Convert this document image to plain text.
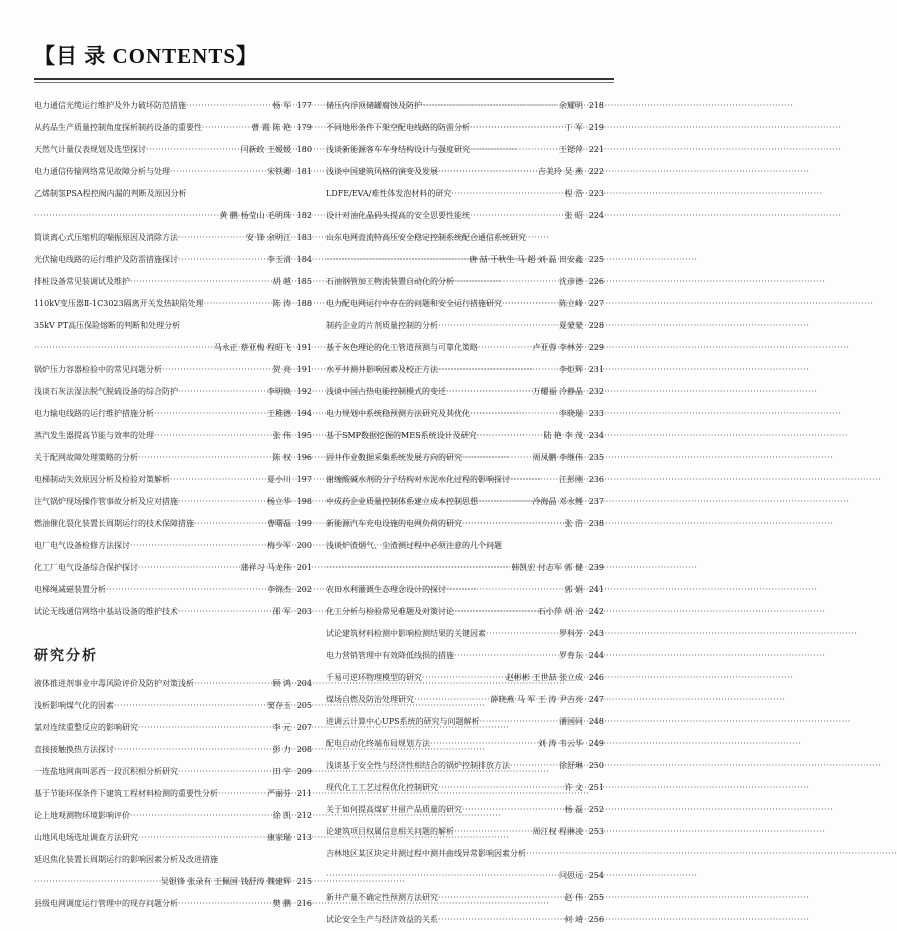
【目 录 CONTENTS】
电力通信光缆运行维护及外力破坏防范措施 ·····	杨 军 177
从药品生产质量控制角度探析制药设备的重要性 ·····	曹 霞 陈 艳 179
天然气计量仪表规划及选型探讨 ·····	闫新政 王嫒媛 180
电力通信传输网络常见故障分析与处理 ·····	宋铁卿 181
乙烯制氢PSA程控阀内漏的判断及原因分析
·····
黄 鹏 杨莹山 毛明珠 182
简谈离心式压缩机的喘振原因及消除方法 ·····	安 锋 余明江 183
光伏输电线路的运行维护及防雷措施探讨 ·····	李玉清 184
排桩设备常见装调试及维护 ·····	胡 越 185
110kV变压器Ⅱ-1C3023隔离开关发热缺陷处理 ·····	陈 涛 188
35kV PT高压保险熔断的判断和处理分析
·····
马永正 蔡亚梅 程昭飞 191
锅炉压力容器检验中的常见问题分析 ·····	贺 亮 191
浅谈石灰法湿法脱气脱硫设备的综合防护 ·····	李明焕 192
电力输电线路的运行维护措施分析 ·····	王稚德 194
蒸汽发生器提高节能与效率的处理 ·····	张 伟 195
关于配网故障处理策略的分析 ·····	陈 权 196
电梯制动失效原因分析及检验对策解析 ·····	夏小川 197
注气锅炉现场操作管事故分析及应对措施 ·····	杨立华 198
燃油催化裂化装置长周期运行的技术保障措施 ·····	曹曙磊 199
电厂电气设备检修方法探讨 ·····	梅少军 200
化工厂电气设备综合保护探讨 ·····	蒲祥习 马龙伟 201
电梯绳减磁装置分析 ·····	李锦杰 202
试论无线通信网络中基站设备的维护技术 ·····	邵 军 203
研究分析
液体推进剂事业中毒风险评价及防护对策浅析 ·····	顾 鸿 204
浅析影响煤气化的因素 ·····	窦存玉 205
氯对连续重整反应的影响研究 ·····	李 元 207
直接接触换热方法探讨 ·····	彭 力 208
一连盐地网南叫恶西一段沉积相分析研究 ·····	田 宇 209
基于节能环保条件下建筑工程材料检测的重要性分析 ·····	严丽芬 211
论上地观测物环境影响评价 ·····	徐 凯 212
山地风电场选址调查方法研究 ·····	康家瑞 213
延迟焦化装置长周期运行的影响因素分析及改进措施
·····
吴银锋 张录有 王佩国 钱舒涛 魏建辉 215
县级电网调度运行管理中的现存问题分析 ·····	樊 鹏 216
储压内浮顶储罐腐蚀及防护 ·····	余耀明 218
不同地形条件下架空配电线路的防雷分析 ·····	丁 军 219
浅谈新能源客车车身结构设计与强度研究 ·····	王锶萍 221
浅谈中国建筑风格的演变及发展 ·····	吉美玲 吴 燕 222
LDFE/EVA/难性体发泡材料的研究 ·····	程 浩 223
设计对油化晶码头提高的安全思要性能统 ·····	张 昭 224
山东电网直流特高压安全稳定控制系统配合通信系统研究
·····
唐 喆 于秋生 马 超 刘 磊 田安鑫 225
石油钢管加工物流装置自动化的分析 ·····	沈彦德 226
电力配电网运行中存在的问题和安全运行措施研究 ·····	陈立峰 227
制药企业的片剂质量控制的分析 ·····	夏蒙蒙 228
基于灰色理论的化工管道预测与可靠化策略 ·····	卢亚蓉 李林芳 229
水平井测井影响因素及校正方法 ·····	李炬辉 231
浅谈中国古热电能控制模式的变迁 ·····	万耀福 冷静晶 232
电力规划中系统稳预测方法研究及其优化 ·····	李晓瑞 233
基于SMP数据挖掘的MES系统设计及研究 ·····	陆 艳 李 茂 234
固井作业数据采集系统发展方向的研究 ·····	周凤鹏 李继伟 235
谢缠酸碱水剂的分子结构对水泥水化过程的影响探讨 ·····	江彭刚 236
中成药企业质量控制体系建立成本控制思想 ·····	冷海晶 邓永鲤 237
新能源汽车充电设施的电网负荷的研究 ·····	张 浩 238
浅谈炉渣烟气、尘渣测过程中必须注意的几个问题
·····
韩凯宏 付志军 郭 健 239
农田水利灌溉生态理念设计的探讨 ·····	郭 娟 241
化工分析与检验常见难题及对策讨论 ·····	石小萍 胡 冶 242
试论建筑材料检测中影响检测结果的关键因素 ·····	罗科芳 243
电力营销管理中有效降低线损的措施 ·····	罗育东 244
千易可逆环物理模型的研究 ·····	赵彬彬 王世喆 张立成 246
煤场自燃及防治处理研究 ·····	薛晓燕 马 军 王 涛 尹吉亮 247
进调云计算中心UPS系统的研究与问题解析 ·····	潘国同 248
配电自动化终端布局规划方法 ·····	刘 涛 韦云华 249
浅谈基于安全性与经济性相结合的锅炉控制排放方法 ·····	徐舒琳 250
现代化工工艺过程优化控制研究 ·····	许 文 251
关于如何提高煤矿井留产品质量的研究 ·····	杨 磊 252
论建筑项目权属信息相关问题的解析 ·····	周江权 程淋凌 253
吉林地区某区块定井测过程中测井曲线异常影响因素分析
·····
·····
闫思远 254
新井产量不确定性预测方法研究 ·····	赵 伟 255
试论安全生产与经济效益的关系 ·····	何 靖 256
